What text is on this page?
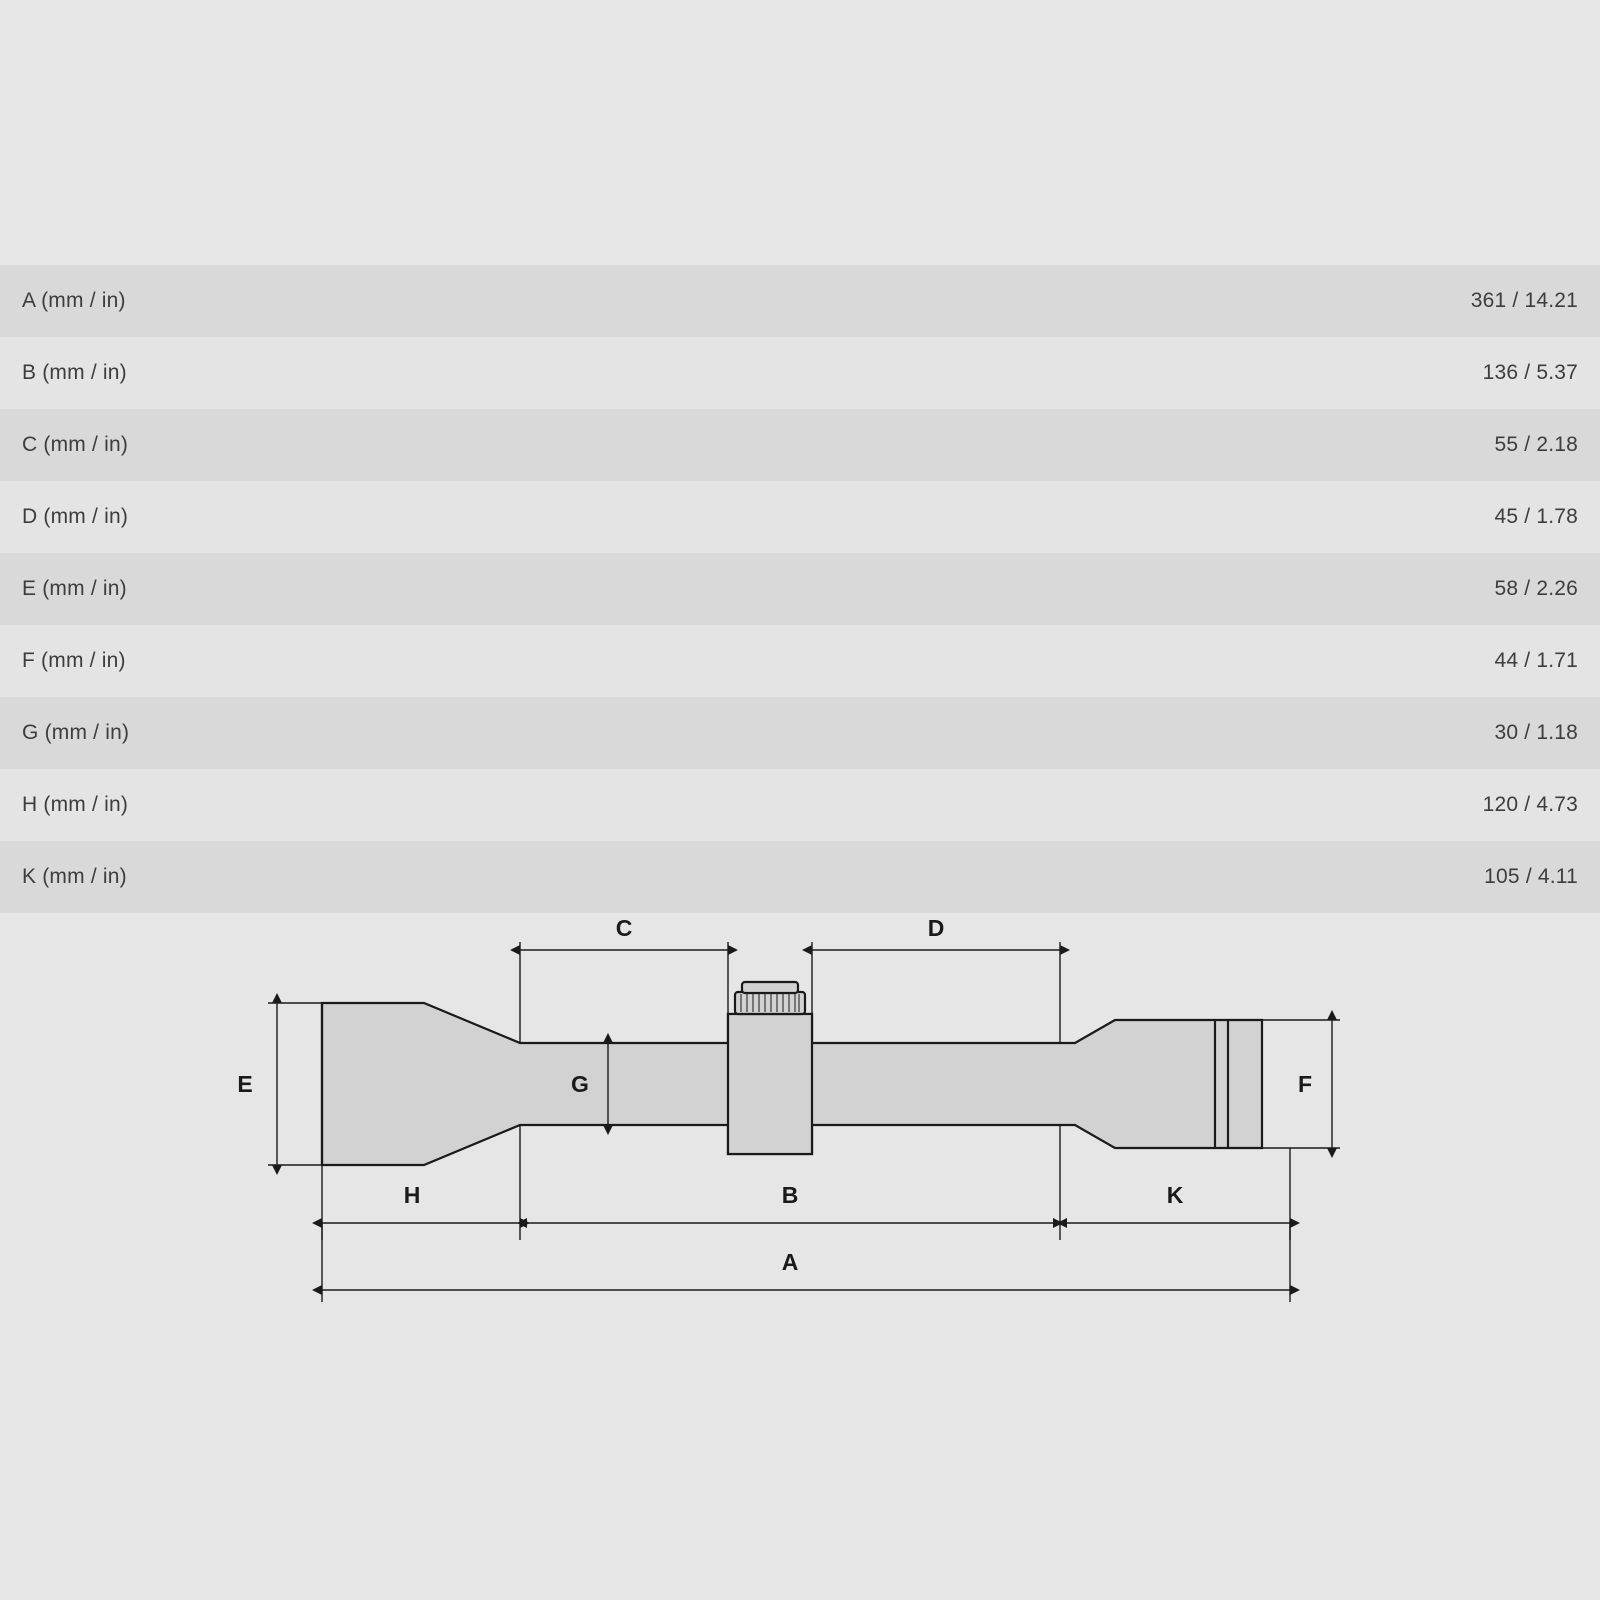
A (mm / in)	361 / 14.21
B (mm / in)	136 / 5.37
C (mm / in)	55 / 2.18
D (mm / in)	45 / 1.78
E (mm / in)	58 / 2.26
F (mm / in)	44 / 1.71
G (mm / in)	30 / 1.18
H (mm / in)	120 / 4.73
K (mm / in)	105 / 4.11
C	D
E	G	F
H	B	K
A
